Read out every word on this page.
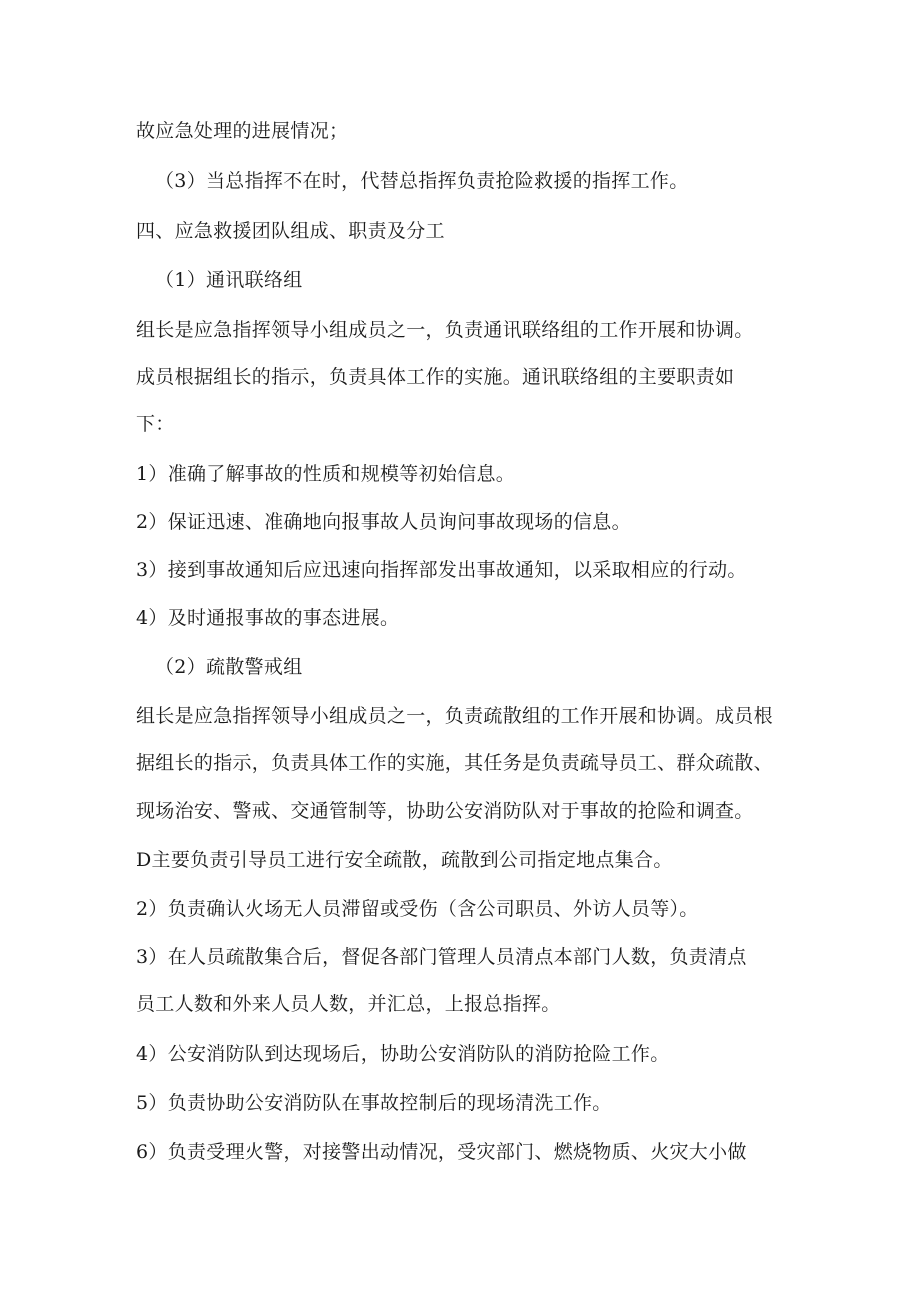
故应急处理的进展情况；
（3）当总指挥不在时，代替总指挥负责抢险救援的指挥工作。
四、应急救援团队组成、职责及分工
（1）通讯联络组
组长是应急指挥领导小组成员之一，负责通讯联络组的工作开展和协调。
成员根据组长的指示，负责具体工作的实施。通讯联络组的主要职责如
下：
1）准确了解事故的性质和规模等初始信息。
2）保证迅速、准确地向报事故人员询问事故现场的信息。
3）接到事故通知后应迅速向指挥部发出事故通知，以采取相应的行动。
4）及时通报事故的事态进展。
（2）疏散警戒组
组长是应急指挥领导小组成员之一，负责疏散组的工作开展和协调。成员根
据组长的指示，负责具体工作的实施，其任务是负责疏导员工、群众疏散、
现场治安、警戒、交通管制等，协助公安消防队对于事故的抢险和调查。
D主要负责引导员工进行安全疏散，疏散到公司指定地点集合。
2）负责确认火场无人员滞留或受伤（含公司职员、外访人员等）。
3）在人员疏散集合后，督促各部门管理人员清点本部门人数，负责清点
员工人数和外来人员人数，并汇总，上报总指挥。
4）公安消防队到达现场后，协助公安消防队的消防抢险工作。
5）负责协助公安消防队在事故控制后的现场清洗工作。
6）负责受理火警，对接警出动情况，受灾部门、燃烧物质、火灾大小做
